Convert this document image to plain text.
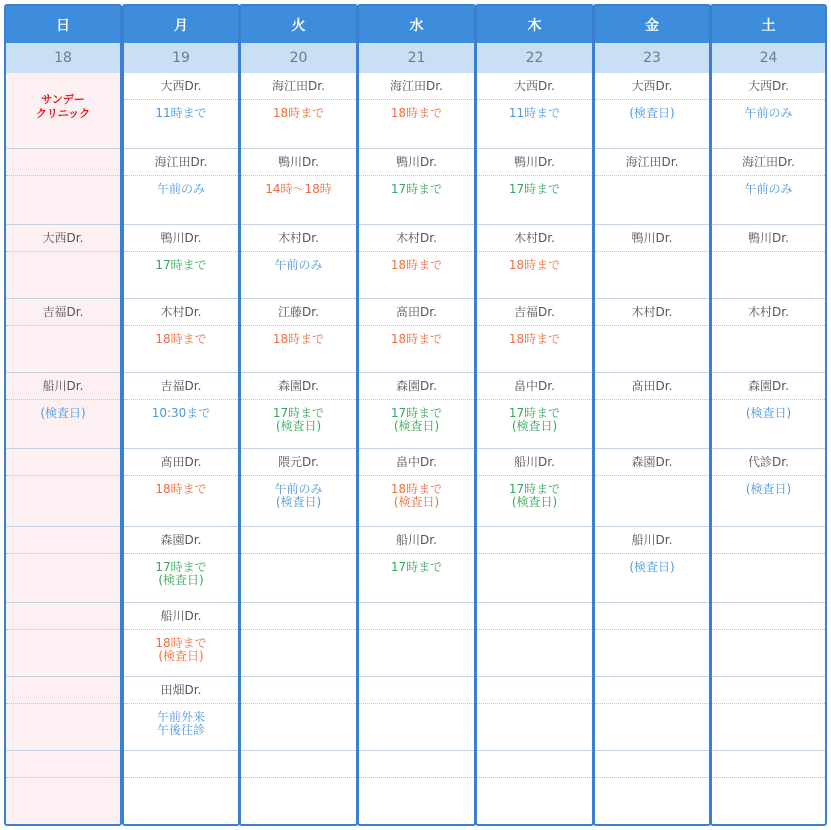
日
18
サンデー
クリニック
大西Dr.
吉福Dr.
船川Dr.
(検査日)
月
19
大西Dr.
11時まで
海江田Dr.
午前のみ
鴨川Dr.
17時まで
木村Dr.
18時まで
吉福Dr.
10:30まで
髙田Dr.
18時まで
森園Dr.
17時まで
(検査日)
船川Dr.
18時まで
(検査日)
田畑Dr.
午前外来
午後往診
火
20
海江田Dr.
18時まで
鴨川Dr.
14時〜18時
木村Dr.
午前のみ
江藤Dr.
18時まで
森園Dr.
17時まで
(検査日)
隈元Dr.
午前のみ
(検査日)
水
21
海江田Dr.
18時まで
鴨川Dr.
17時まで
木村Dr.
18時まで
髙田Dr.
18時まで
森園Dr.
17時まで
(検査日)
畠中Dr.
18時まで
(検査日)
船川Dr.
17時まで
木
22
大西Dr.
11時まで
鴨川Dr.
17時まで
木村Dr.
18時まで
吉福Dr.
18時まで
畠中Dr.
17時まで
(検査日)
船川Dr.
17時まで
(検査日)
金
23
大西Dr.
(検査日)
海江田Dr.
鴨川Dr.
木村Dr.
髙田Dr.
森園Dr.
船川Dr.
(検査日)
土
24
大西Dr.
午前のみ
海江田Dr.
午前のみ
鴨川Dr.
木村Dr.
森園Dr.
(検査日)
代診Dr.
(検査日)
